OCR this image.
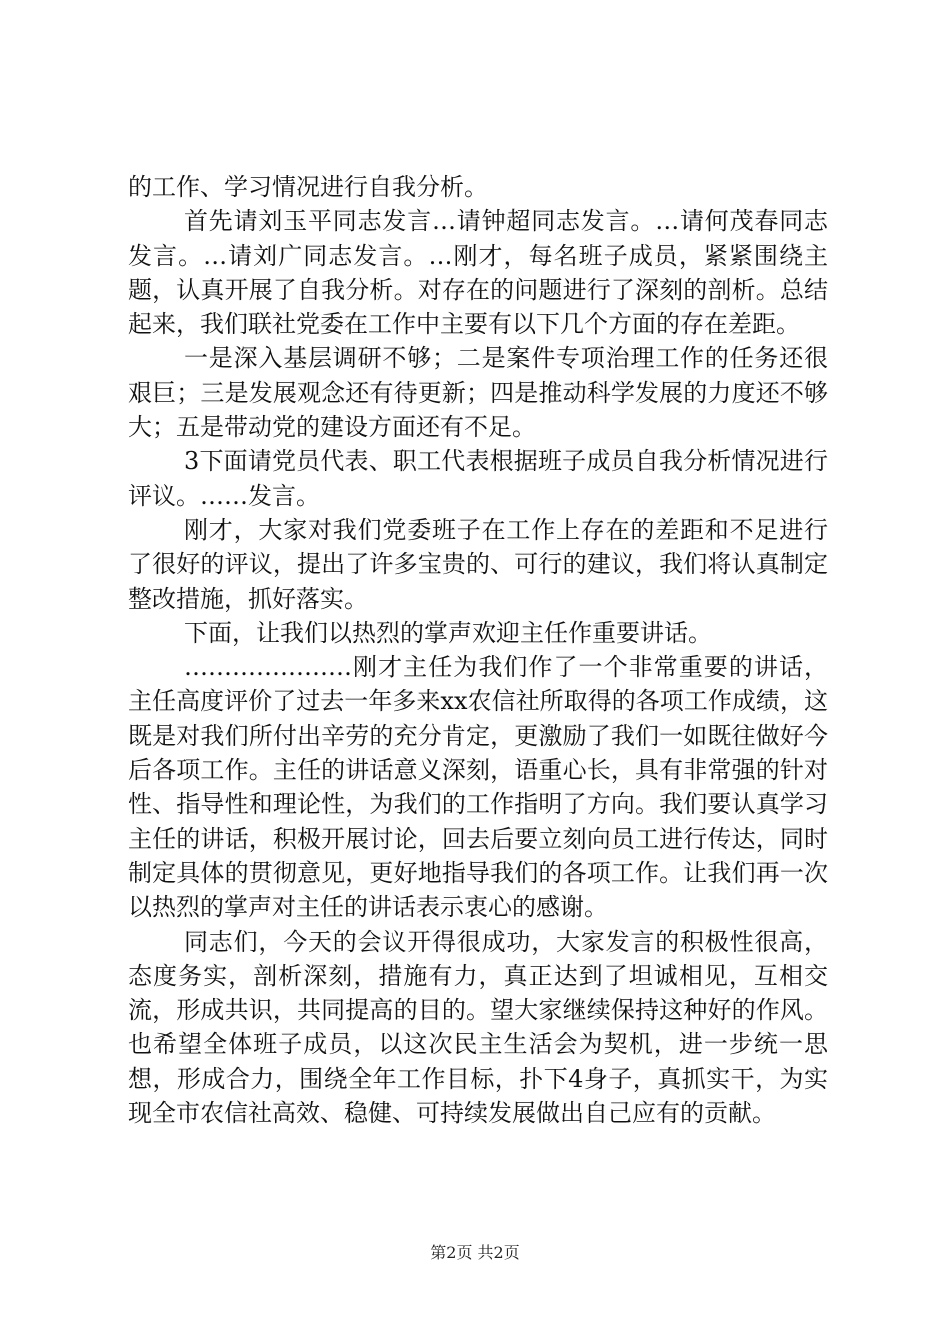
的工作、学习情况进行自我分析。

首先请刘玉平同志发言…请钟超同志发言。…请何茂春同志发言。…请刘广同志发言。…刚才，每名班子成员，紧紧围绕主题，认真开展了自我分析。对存在的问题进行了深刻的剖析。总结起来，我们联社党委在工作中主要有以下几个方面的存在差距。

一是深入基层调研不够；二是案件专项治理工作的任务还很艰巨；三是发展观念还有待更新；四是推动科学发展的力度还不够大；五是带动党的建设方面还有不足。

3下面请党员代表、职工代表根据班子成员自我分析情况进行评议。……发言。

刚才，大家对我们党委班子在工作上存在的差距和不足进行了很好的评议，提出了许多宝贵的、可行的建议，我们将认真制定整改措施，抓好落实。

下面，让我们以热烈的掌声欢迎主任作重要讲话。

…………………刚才主任为我们作了一个非常重要的讲话，主任高度评价了过去一年多来xx农信社所取得的各项工作成绩，这既是对我们所付出辛劳的充分肯定，更激励了我们一如既往做好今后各项工作。主任的讲话意义深刻，语重心长，具有非常强的针对性、指导性和理论性，为我们的工作指明了方向。我们要认真学习主任的讲话，积极开展讨论，回去后要立刻向员工进行传达，同时制定具体的贯彻意见，更好地指导我们的各项工作。让我们再一次以热烈的掌声对主任的讲话表示衷心的感谢。

同志们，今天的会议开得很成功，大家发言的积极性很高，态度务实，剖析深刻，措施有力，真正达到了坦诚相见，互相交流，形成共识，共同提高的目的。望大家继续保持这种好的作风。也希望全体班子成员，以这次民主生活会为契机，进一步统一思想，形成合力，围绕全年工作目标，扑下4身子，真抓实干，为实现全市农信社高效、稳健、可持续发展做出自己应有的贡献。

第2页 共2页
